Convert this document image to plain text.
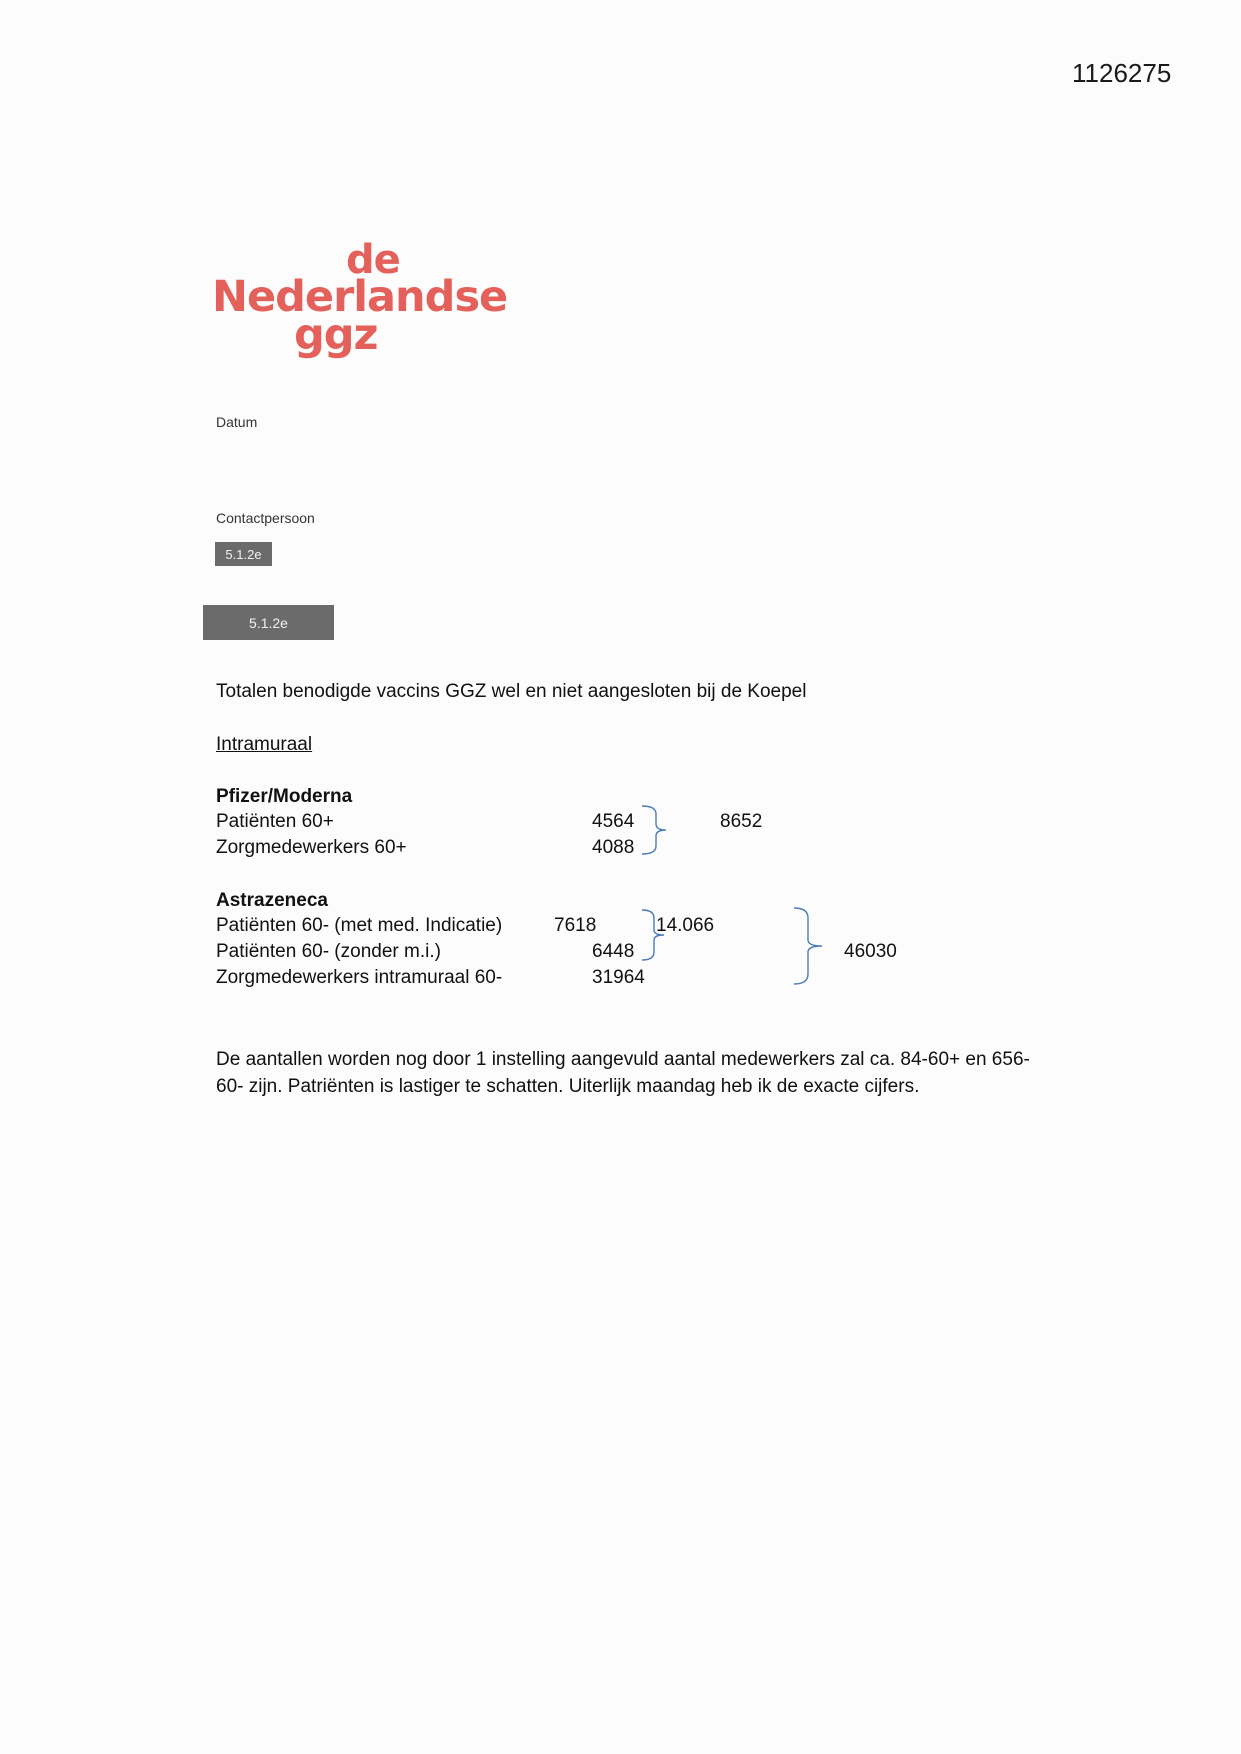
1126275
de
Nederlandse
ggz
Datum
Contactpersoon
5.1.2e
5.1.2e
Totalen benodigde vaccins GGZ wel en niet aangesloten bij de Koepel
Intramuraal
Pfizer/Moderna
Patiënten 60+	4564
Zorgmedewerkers 60+	4088
8652
Astrazeneca
Patiënten 60- (met med. Indicatie)	7618
Patiënten 60- (zonder m.i.)	6448
Zorgmedewerkers intramuraal 60-	31964
14.066
46030
De aantallen worden nog door 1 instelling aangevuld aantal medewerkers zal ca. 84-60+ en 656-60- zijn. Patriënten is lastiger te schatten. Uiterlijk maandag heb ik de exacte cijfers.
